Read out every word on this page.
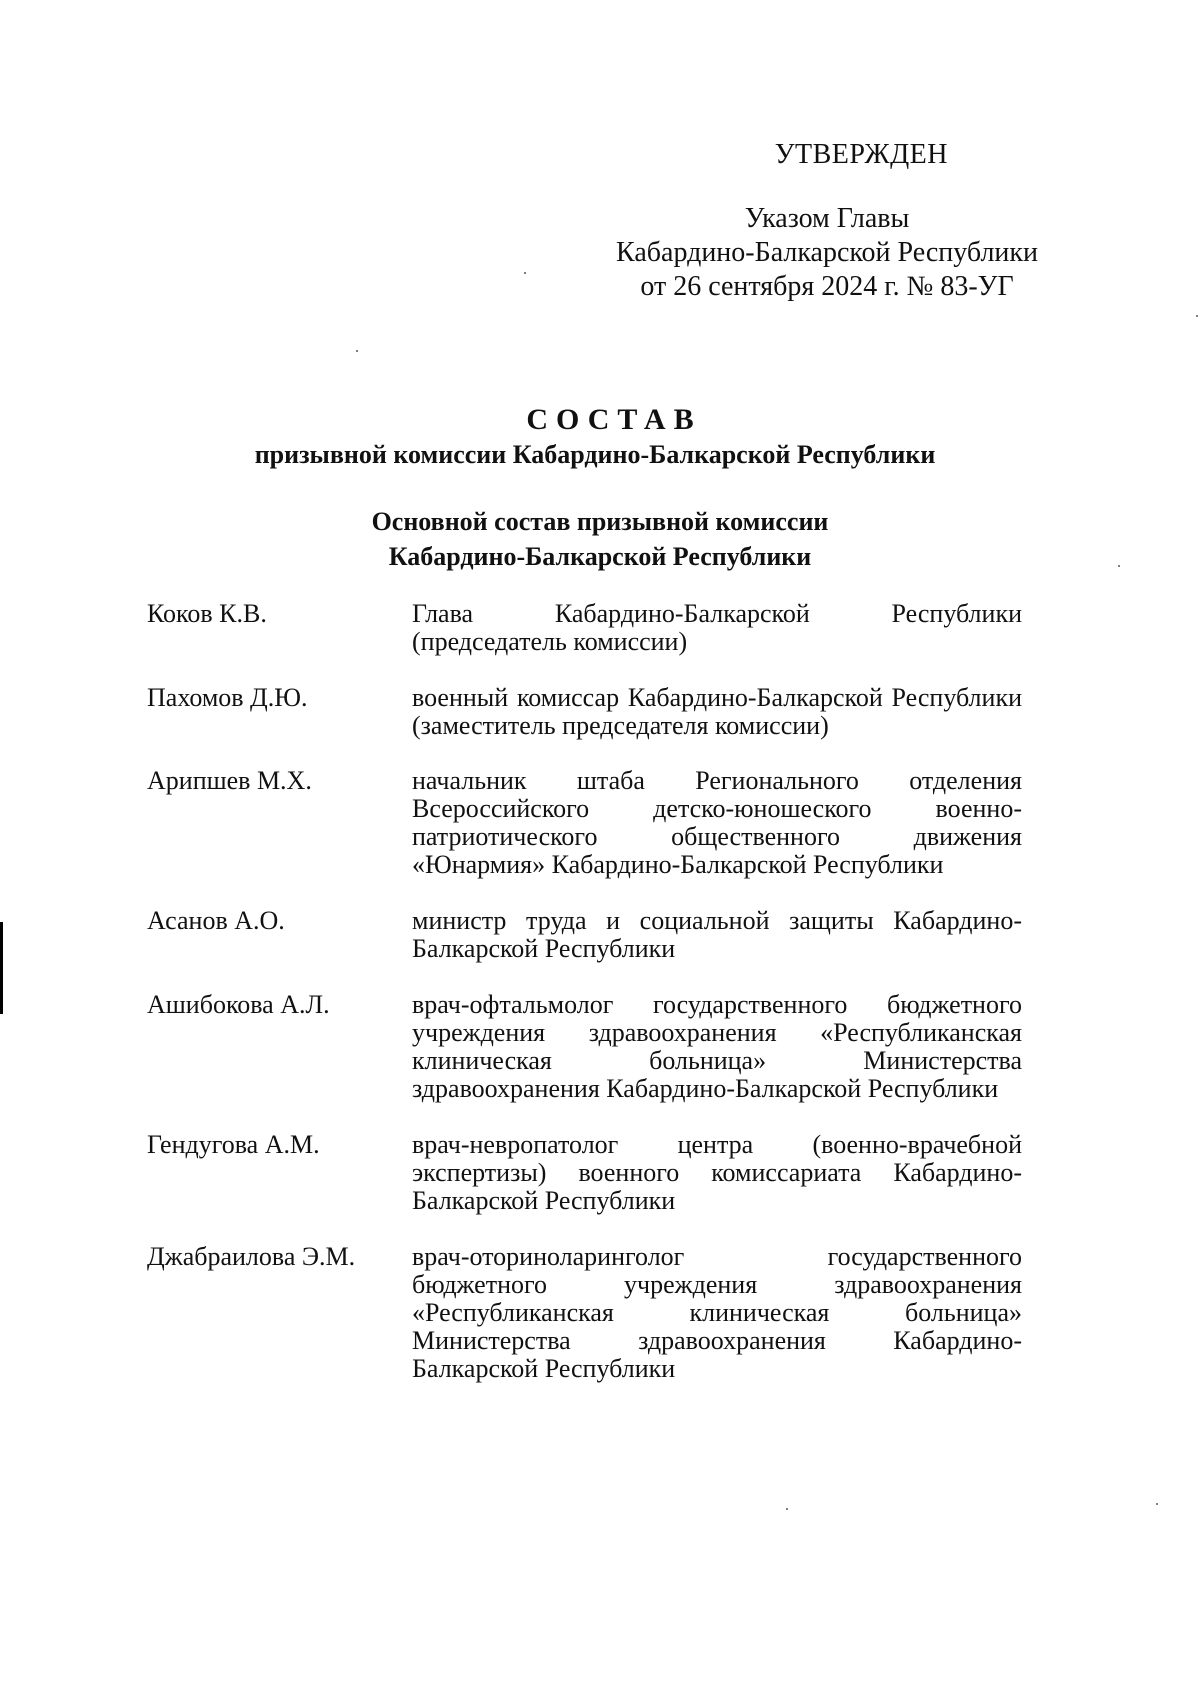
УТВЕРЖДЕН
Указом Главы
Кабардино-Балкарской Республики
от 26 сентября 2024 г. № 83-УГ
СОСТАВ
призывной комиссии Кабардино-Балкарской Республики
Основной состав призывной комиссии
Кабардино-Балкарской Республики
Коков К.В.	Глава Кабардино-Балкарской Республики (председатель комиссии)
Пахомов Д.Ю.	военный комиссар Кабардино-Балкарской Республики (заместитель председателя комиссии)
Арипшев М.Х.	начальник штаба Регионального отделения Всероссийского детско-юношеского военно-патриотического общественного движения «Юнармия» Кабардино-Балкарской Республики
Асанов А.О.	министр труда и социальной защиты Кабардино-Балкарской Республики
Ашибокова А.Л.	врач-офтальмолог государственного бюджетного учреждения здравоохранения «Республиканская клиническая больница» Министерства здравоохранения Кабардино-Балкарской Республики
Гендугова А.М.	врач-невропатолог центра (военно-врачебной экспертизы) военного комиссариата Кабардино-Балкарской Республики
Джабраилова Э.М.	врач-оториноларинголог государственного бюджетного учреждения здравоохранения «Республиканская клиническая больница» Министерства здравоохранения Кабардино-Балкарской Республики
